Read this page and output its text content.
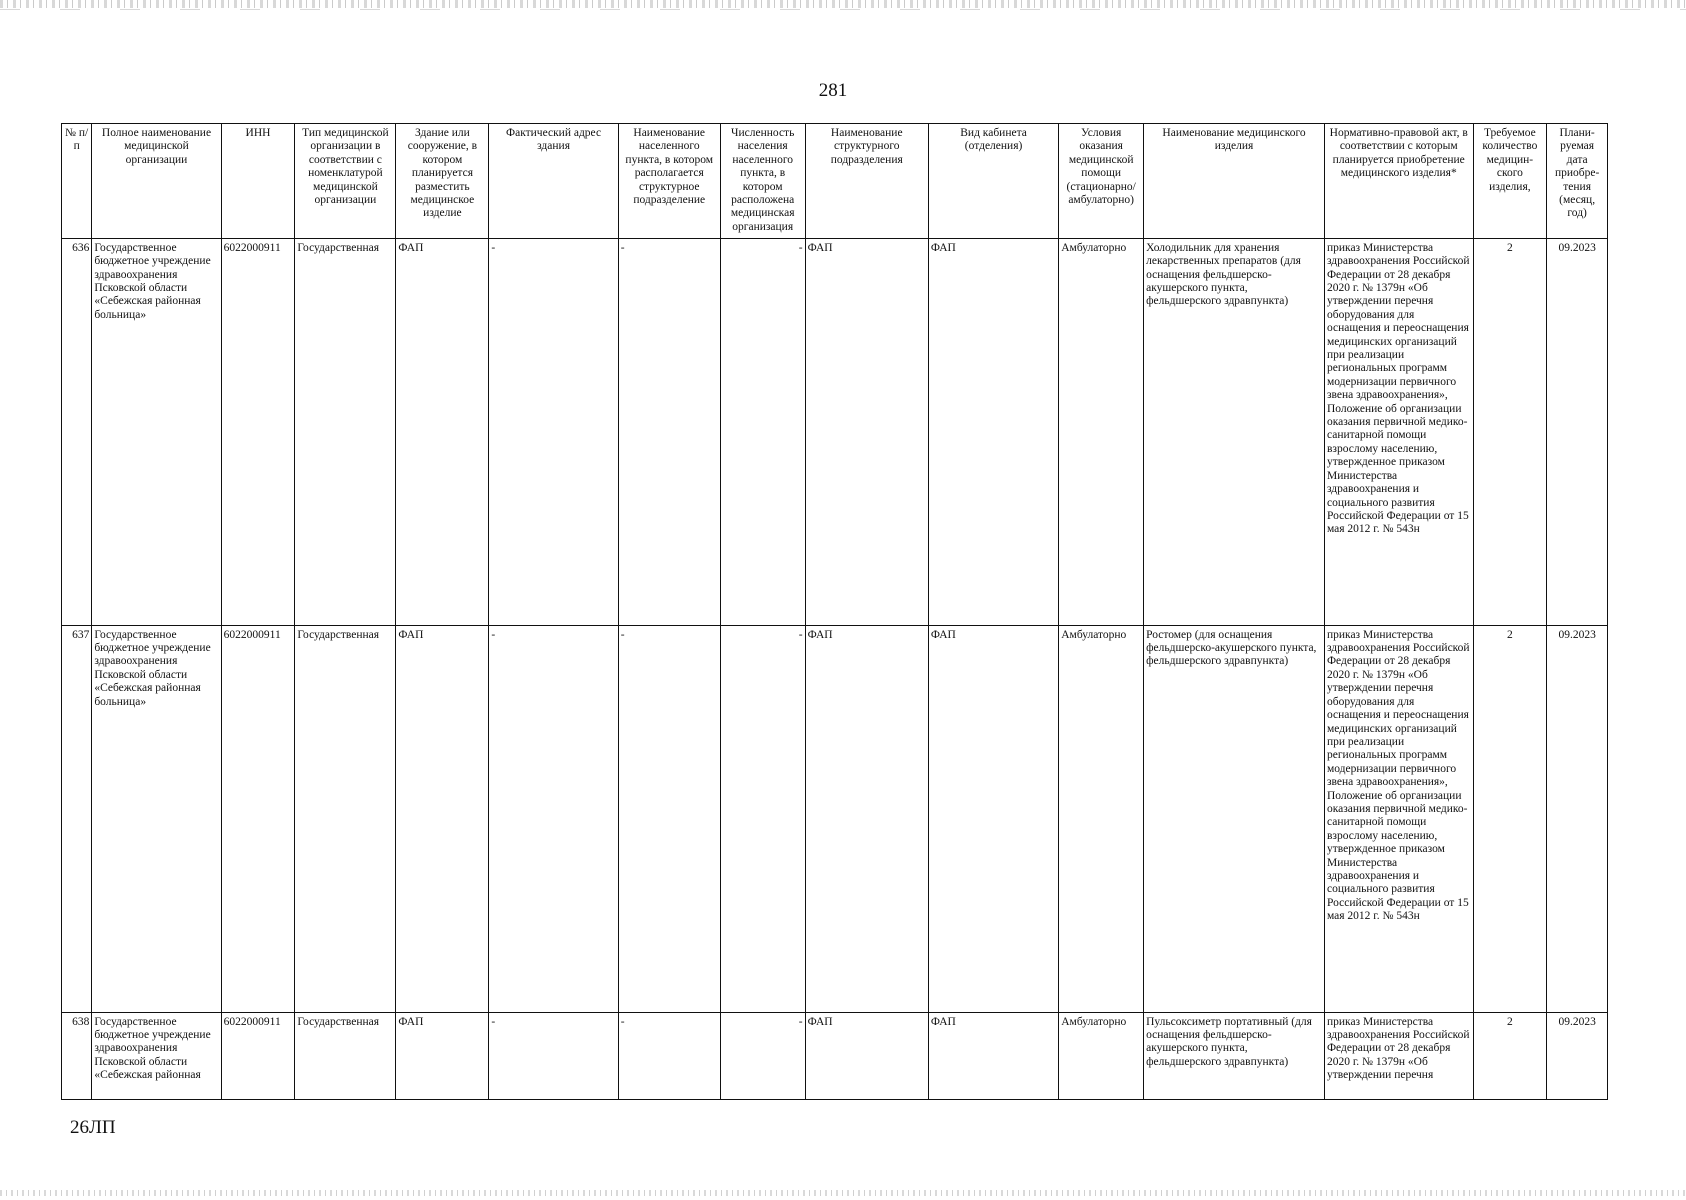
281
№ п/п	Полное наименование медицинской организации	ИНН	Тип медицинской организации в соответствии с номенклатурой медицинской организации	Здание или сооружение, в котором планируется разместить медицинское изделие	Фактический адрес здания	Наименование населенного пункта, в котором располагается структурное подразделение	Численность населения населенного пункта, в котором расположена медицинская организация	Наименование структурного подразделения	Вид кабинета (отделения)	Условия оказания медицинской помощи (стационарно/ амбулаторно)	Наименование медицинского изделия	Нормативно-правовой акт, в соответствии с которым планируется приобретение медицинского изделия*	Требуемое количество медицин-ского изделия,	Плани-руемая дата приобре-тения (месяц, год)
636	Государственное бюджетное учреждение здравоохранения Псковской области «Себежская районная больница»	6022000911	Государственная	ФАП	-	-	-	ФАП	ФАП	Амбулаторно	Холодильник для хранения лекарственных препаратов (для оснащения фельдшерско-акушерского пункта, фельдшерского здравпункта)	приказ Министерства здравоохранения Российской Федерации от 28 декабря 2020 г. № 1379н «Об утверждении перечня оборудования для оснащения и переоснащения медицинских организаций при реализации региональных программ модернизации первичного звена здравоохранения», Положение об организации оказания первичной медико-санитарной помощи взрослому населению, утвержденное приказом Министерства здравоохранения и социального развития Российской Федерации от 15 мая 2012 г. № 543н	2	09.2023
637	Государственное бюджетное учреждение здравоохранения Псковской области «Себежская районная больница»	6022000911	Государственная	ФАП	-	-	-	ФАП	ФАП	Амбулаторно	Ростомер (для оснащения фельдшерско-акушерского пункта, фельдшерского здравпункта)	приказ Министерства здравоохранения Российской Федерации от 28 декабря 2020 г. № 1379н «Об утверждении перечня оборудования для оснащения и переоснащения медицинских организаций при реализации региональных программ модернизации первичного звена здравоохранения», Положение об организации оказания первичной медико-санитарной помощи взрослому населению, утвержденное приказом Министерства здравоохранения и социального развития Российской Федерации от 15 мая 2012 г. № 543н	2	09.2023
638	Государственное бюджетное учреждение здравоохранения Псковской области «Себежская районная	6022000911	Государственная	ФАП	-	-	-	ФАП	ФАП	Амбулаторно	Пульсоксиметр портативный (для оснащения фельдшерско-акушерского пункта, фельдшерского здравпункта)	приказ Министерства здравоохранения Российской Федерации от 28 декабря 2020 г. № 1379н «Об утверждении перечня	2	09.2023
26ЛП
